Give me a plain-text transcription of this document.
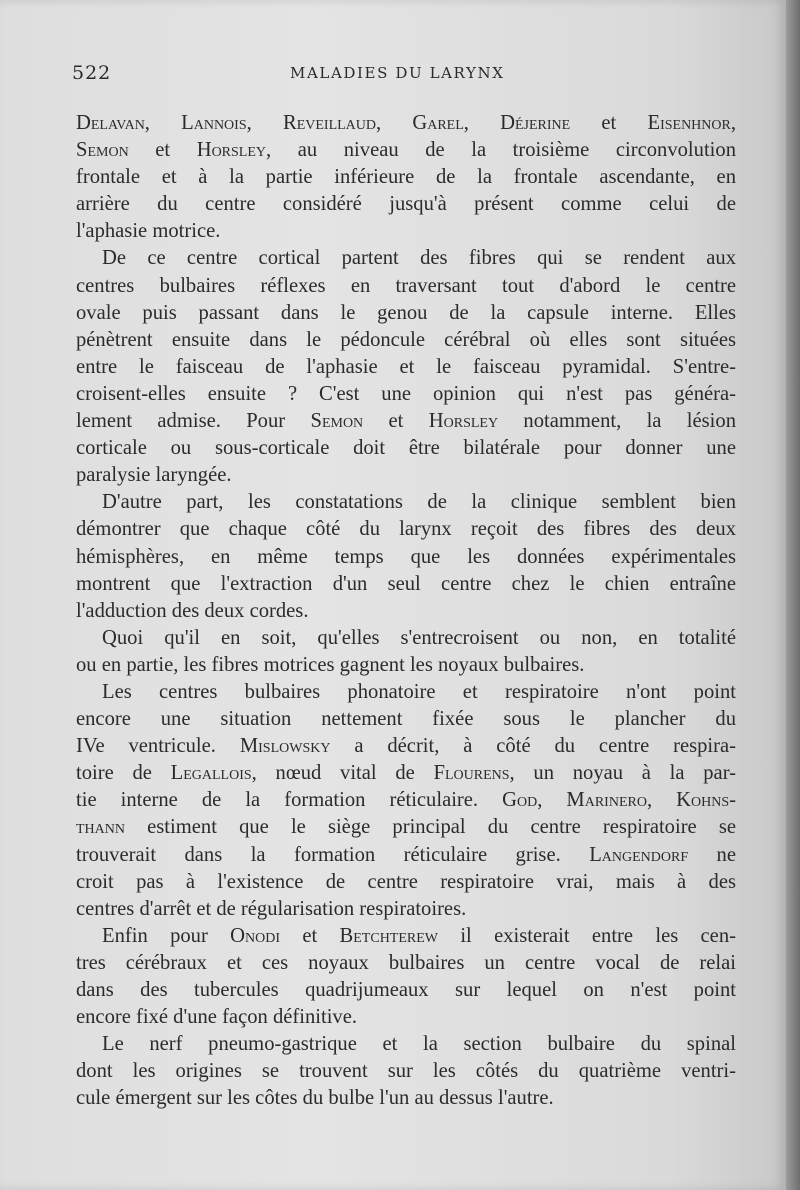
522	MALADIES DU LARYNX
Delavan, Lannois, Reveillaud, Garel, Déjerine et Eisenhnor,
Semon et Horsley, au niveau de la troisième circonvolution
frontale et à la partie inférieure de la frontale ascendante, en
arrière du centre considéré jusqu'à présent comme celui de
l'aphasie motrice.
De ce centre cortical partent des fibres qui se rendent aux
centres bulbaires réflexes en traversant tout d'abord le centre
ovale puis passant dans le genou de la capsule interne. Elles
pénètrent ensuite dans le pédoncule cérébral où elles sont situées
entre le faisceau de l'aphasie et le faisceau pyramidal. S'entre-
croisent-elles ensuite ? C'est une opinion qui n'est pas généra-
lement admise. Pour Semon et Horsley notamment, la lésion
corticale ou sous-corticale doit être bilatérale pour donner une
paralysie laryngée.
D'autre part, les constatations de la clinique semblent bien
démontrer que chaque côté du larynx reçoit des fibres des deux
hémisphères, en même temps que les données expérimentales
montrent que l'extraction d'un seul centre chez le chien entraîne
l'adduction des deux cordes.
Quoi qu'il en soit, qu'elles s'entrecroisent ou non, en totalité
ou en partie, les fibres motrices gagnent les noyaux bulbaires.
Les centres bulbaires phonatoire et respiratoire n'ont point
encore une situation nettement fixée sous le plancher du
IVe ventricule. Mislowsky a décrit, à côté du centre respira-
toire de Legallois, nœud vital de Flourens, un noyau à la par-
tie interne de la formation réticulaire. God, Marinero, Kohns-
thann estiment que le siège principal du centre respiratoire se
trouverait dans la formation réticulaire grise. Langendorf ne
croit pas à l'existence de centre respiratoire vrai, mais à des
centres d'arrêt et de régularisation respiratoires.
Enfin pour Onodi et Betchterew il existerait entre les cen-
tres cérébraux et ces noyaux bulbaires un centre vocal de relai
dans des tubercules quadrijumeaux sur lequel on n'est point
encore fixé d'une façon définitive.
Le nerf pneumo-gastrique et la section bulbaire du spinal
dont les origines se trouvent sur les côtés du quatrième ventri-
cule émergent sur les côtes du bulbe l'un au dessus l'autre.
